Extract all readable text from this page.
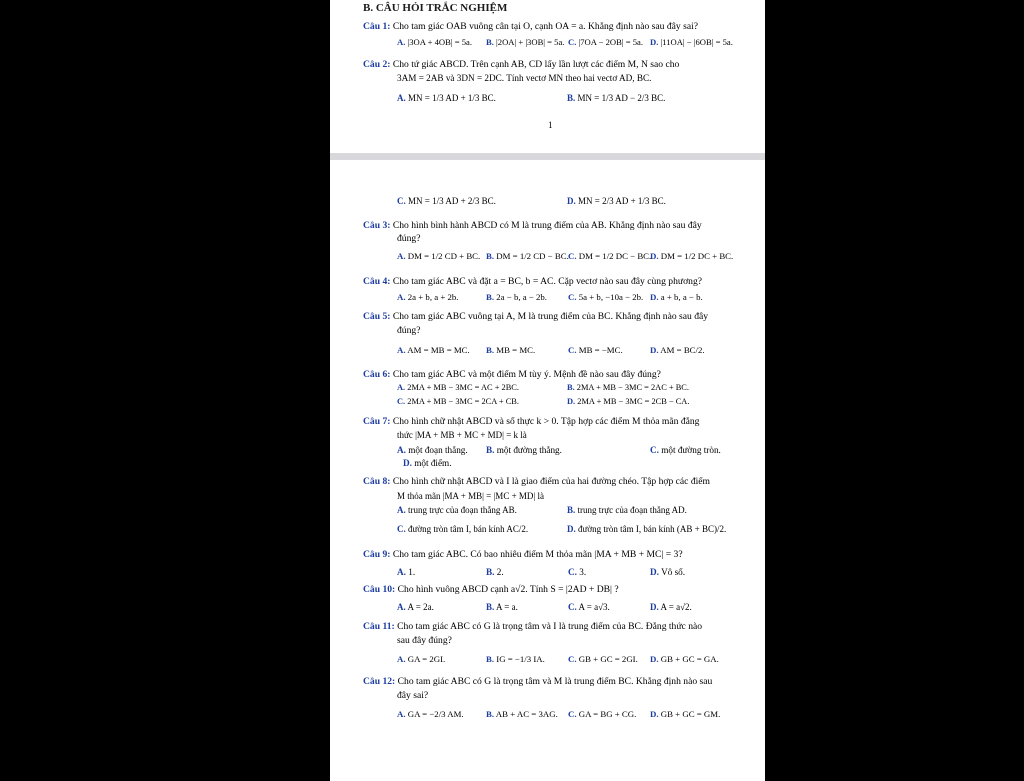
B. CÂU HỎI TRẮC NGHIỆM
Câu 1: Cho tam giác OAB vuông cân tại O, cạnh OA = a. Khẳng định nào sau đây sai?
A. |3OA + 4OB| = 5a. B. |2OA| + |3OB| = 5a. C. |7OA − 2OB| = 5a. D. |11OA| − |6OB| = 5a.
Câu 2: Cho tứ giác ABCD. Trên cạnh AB, CD lấy lần lượt các điểm M, N sao cho
3AM = 2AB và 3DN = 2DC. Tính vectơ MN theo hai vectơ AD, BC.
A. MN = 1/3 AD + 1/3 BC.	B. MN = 1/3 AD − 2/3 BC.
1
C. MN = 1/3 AD + 2/3 BC.	D. MN = 2/3 AD + 1/3 BC.
Câu 3: Cho hình bình hành ABCD có M là trung điểm của AB. Khẳng định nào sau đây
đúng?
A. DM = 1/2 CD + BC. B. DM = 1/2 CD − BC. C. DM = 1/2 DC − BC.
D. DM = 1/2 DC + BC.
Câu 4: Cho tam giác ABC và đặt a = BC, b = AC. Cặp vectơ nào sau đây cùng phương?
A. 2a + b, a + 2b.	B. 2a − b, a − 2b. C. 5a + b, −10a − 2b. D. a + b, a − b.
Câu 5: Cho tam giác ABC vuông tại A, M là trung điểm của BC. Khẳng định nào sau đây
đúng?
A. AM = MB = MC. B. MB = MC.	C. MB = −MC.	D. AM = BC/2.
Câu 6: Cho tam giác ABC và một điểm M tùy ý. Mệnh đề nào sau đây đúng?
A. 2MA + MB − 3MC = AC + 2BC.	B. 2MA + MB − 3MC = 2AC + BC.
C. 2MA + MB − 3MC = 2CA + CB.	D. 2MA + MB − 3MC = 2CB − CA.
Câu 7: Cho hình chữ nhật ABCD và số thực k > 0. Tập hợp các điểm M thỏa mãn đẳng
thức |MA + MB + MC + MD| = k là
A. một đoạn thẳng. B. một đường thẳng.	C. một đường tròn.
D. một điểm.
Câu 8: Cho hình chữ nhật ABCD và I là giao điểm của hai đường chéo. Tập hợp các điểm
M thỏa mãn |MA + MB| = |MC + MD| là
A. trung trực của đoạn thẳng AB.	B. trung trực của đoạn thẳng AD.
C. đường tròn tâm I, bán kính AC/2.	D. đường tròn tâm I, bán kính (AB + BC)/2.
Câu 9: Cho tam giác ABC. Có bao nhiêu điểm M thỏa mãn |MA + MB + MC| = 3?
A. 1.	B. 2.	C. 3.	D. Vô số.
Câu 10: Cho hình vuông ABCD cạnh a√2. Tính S = |2AD + DB| ?
A. A = 2a.	B. A = a.	C. A = a√3.	D. A = a√2.
Câu 11: Cho tam giác ABC có G là trọng tâm và I là trung điểm của BC. Đẳng thức nào
sau đây đúng?
A. GA = 2GI.	B. IG = −1/3 IA.	C. GB + GC = 2GI. D. GB + GC = GA.
Câu 12: Cho tam giác ABC có G là trọng tâm và M là trung điểm BC. Khẳng định nào sau
đây sai?
A. GA = −2/3 AM.	B. AB + AC = 3AG. C. GA = BG + CG. D. GB + GC = GM.
